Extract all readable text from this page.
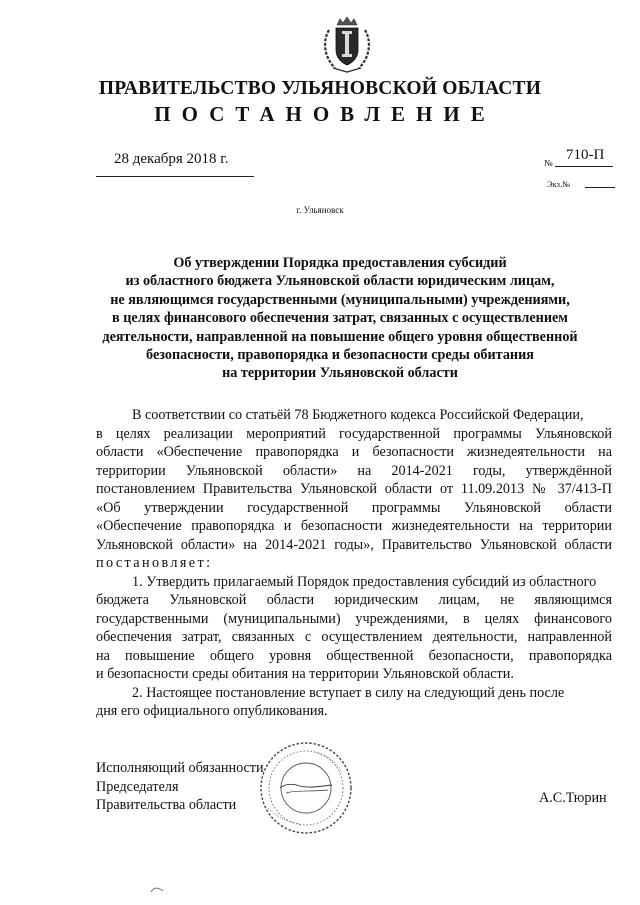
ПРАВИТЕЛЬСТВО УЛЬЯНОВСКОЙ ОБЛАСТИ
ПОСТАНОВЛЕНИЕ
28 декабря 2018 г.	№ 710-П
Экз.№
г. Ульяновск
Об утверждении Порядка предоставления субсидий
из областного бюджета Ульяновской области юридическим лицам,
не являющимся государственными (муниципальными) учреждениями,
в целях финансового обеспечения затрат, связанных с осуществлением
деятельности, направленной на повышение общего уровня общественной
безопасности, правопорядка и безопасности среды обитания
на территории Ульяновской области
В соответствии со статьёй 78 Бюджетного кодекса Российской Федерации,
в целях реализации мероприятий государственной программы Ульяновской
области «Обеспечение правопорядка и безопасности жизнедеятельности на
территории Ульяновской области» на 2014-2021 годы, утверждённой
постановлением Правительства Ульяновской области от 11.09.2013 № 37/413-П
«Об утверждении государственной программы Ульяновской области
«Обеспечение правопорядка и безопасности жизнедеятельности на территории
Ульяновской области» на 2014-2021 годы», Правительство Ульяновской области
постановляет:
1. Утвердить прилагаемый Порядок предоставления субсидий из областного
бюджета Ульяновской области юридическим лицам, не являющимся
государственными (муниципальными) учреждениями, в целях финансового
обеспечения затрат, связанных с осуществлением деятельности, направленной
на повышение общего уровня общественной безопасности, правопорядка
и безопасности среды обитания на территории Ульяновской области.
2. Настоящее постановление вступает в силу на следующий день после
дня его официального опубликования.
Исполняющий обязанности
Председателя
Правительства области	А.С.Тюрин
